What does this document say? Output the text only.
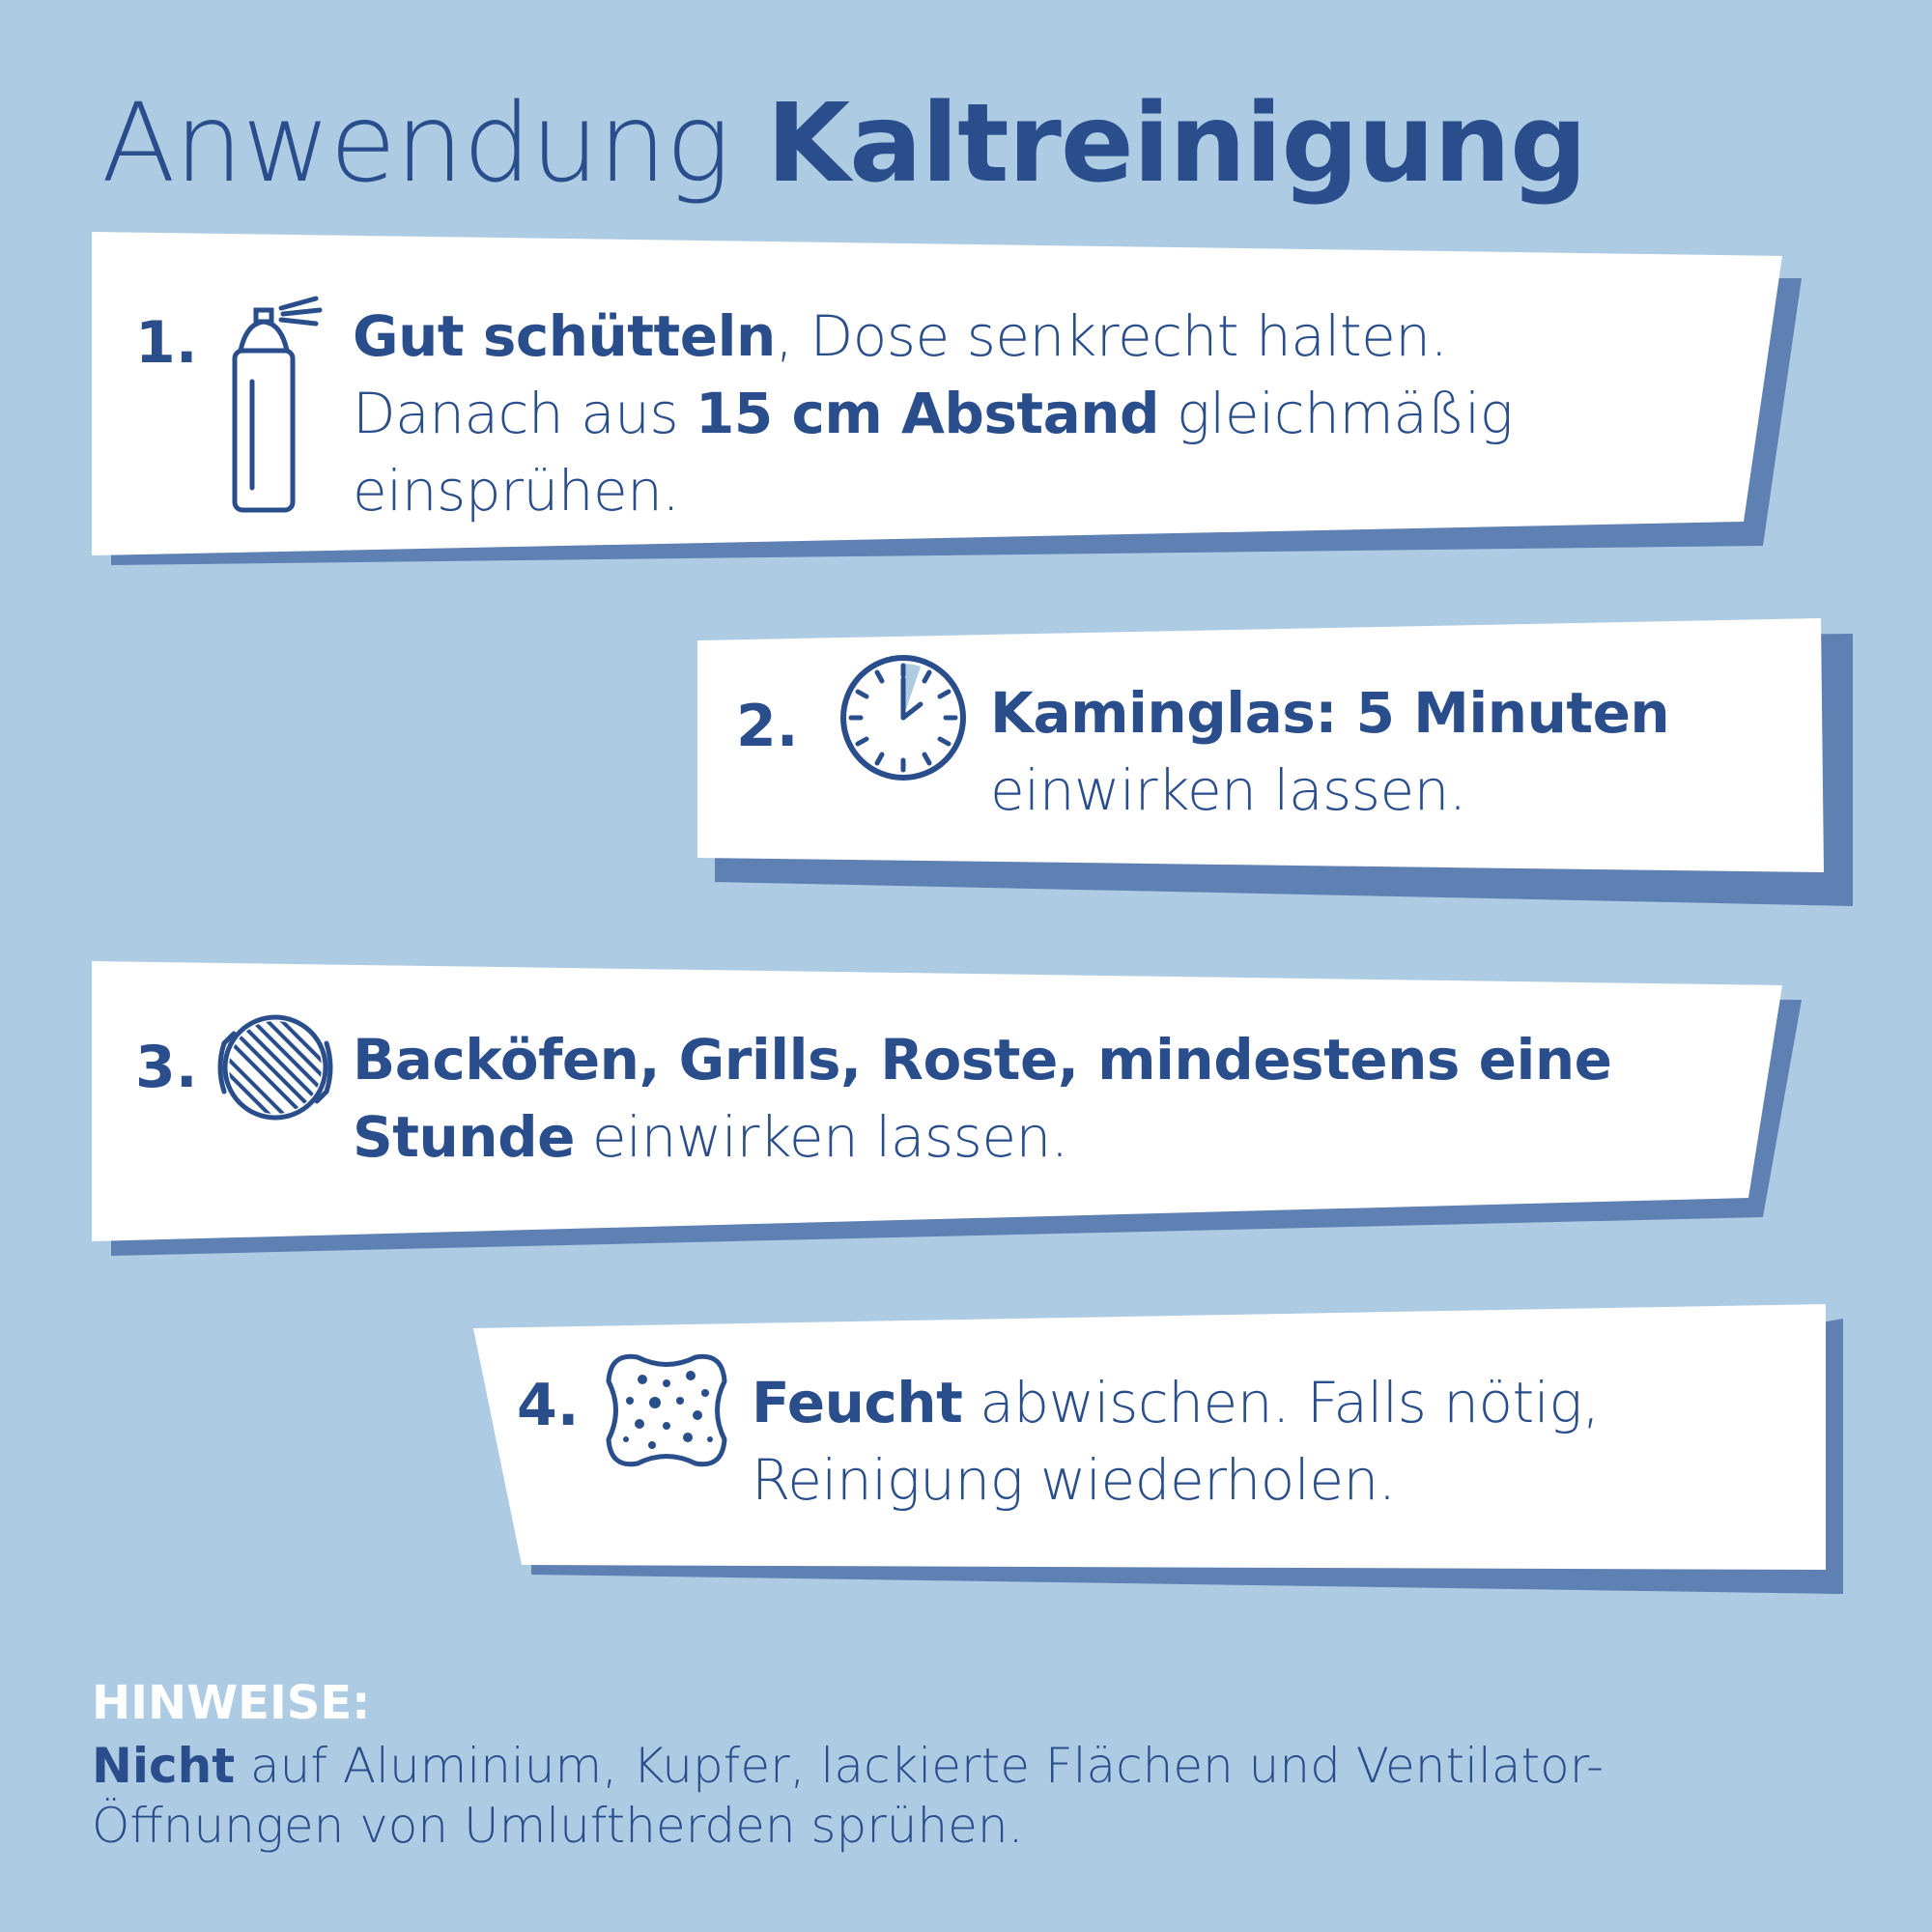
Anwendung Kaltreinigung
1.	Gut schütteln, Dose senkrecht halten.
Danach aus 15 cm Abstand gleichmäßig
einsprühen.
2.	Kaminglas: 5 Minuten
einwirken lassen.
3.	Backöfen, Grills, Roste, mindestens eine
Stunde einwirken lassen.
4.	Feucht abwischen. Falls nötig,
Reinigung wiederholen.
HINWEISE:
Nicht auf Aluminium, Kupfer, lackierte Flächen und Ventilator-
Öffnungen von Umluftherden sprühen.
